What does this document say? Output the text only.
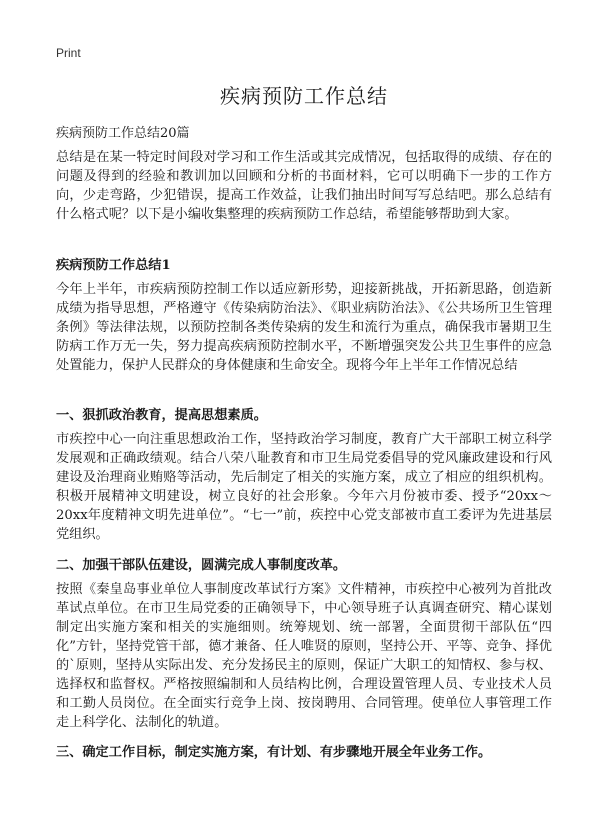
Print
疾病预防工作总结

疾病预防工作总结20篇

总结是在某一特定时间段对学习和工作生活或其完成情况，包括取得的成绩、存在的问题及得到的经验和教训加以回顾和分析的书面材料，它可以明确下一步的工作方向，少走弯路，少犯错误，提高工作效益，让我们抽出时间写写总结吧。那么总结有什么格式呢？以下是小编收集整理的疾病预防工作总结，希望能够帮助到大家。

疾病预防工作总结1

今年上半年，市疾病预防控制工作以适应新形势，迎接新挑战，开拓新思路，创造新成绩为指导思想，严格遵守《传染病防治法》、《职业病防治法》、《公共场所卫生管理条例》等法律法规，以预防控制各类传染病的发生和流行为重点，确保我市暑期卫生防病工作万无一失，努力提高疾病预防控制水平，不断增强突发公共卫生事件的应急处置能力，保护人民群众的身体健康和生命安全。现将今年上半年工作情况总结

一、狠抓政治教育，提高思想素质。

市疾控中心一向注重思想政治工作，坚持政治学习制度，教育广大干部职工树立科学发展观和正确政绩观。结合八荣八耻教育和市卫生局党委倡导的党风廉政建设和行风建设及治理商业贿赂等活动，先后制定了相关的实施方案，成立了相应的组织机构。积极开展精神文明建设，树立良好的社会形象。今年六月份被市委、授予“20xx～20xx年度精神文明先进单位”。“七一”前，疾控中心党支部被市直工委评为先进基层党组织。

二、加强干部队伍建设，圆满完成人事制度改革。

按照《秦皇岛事业单位人事制度改革试行方案》文件精神，市疾控中心被列为首批改革试点单位。在市卫生局党委的正确领导下，中心领导班子认真调查研究、精心谋划制定出实施方案和相关的实施细则。统筹规划、统一部署，全面贯彻干部队伍“四化”方针，坚持党管干部，德才兼备、任人唯贤的原则，坚持公开、平等、竞争、择优的`原则，坚持从实际出发、充分发扬民主的原则，保证广大职工的知情权、参与权、选择权和监督权。严格按照编制和人员结构比例，合理设置管理人员、专业技术人员和工勤人员岗位。在全面实行竞争上岗、按岗聘用、合同管理。使单位人事管理工作走上科学化、法制化的轨道。

三、确定工作目标，制定实施方案，有计划、有步骤地开展全年业务工作。
